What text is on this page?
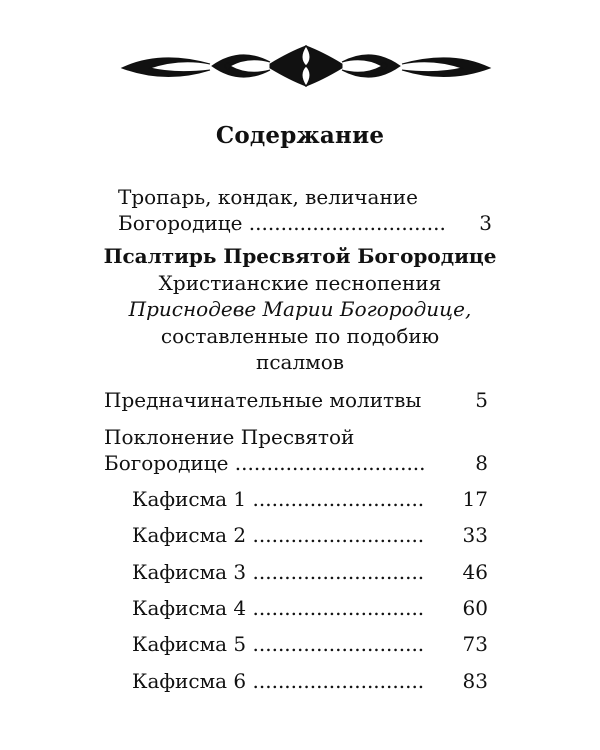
Содержание
Тропарь, кондак, величание
Богородице ...............................	3
Псалтирь Пресвятой Богородице
Христианские песнопения
Приснодеве Марии Богородице,
составленные по подобию
псалмов
Предначинательные молитвы	5
Поклонение Пресвятой
Богородице ..............................	8
Кафисма 1 ...........................	17
Кафисма 2 ...........................	33
Кафисма 3 ...........................	46
Кафисма 4 ...........................	60
Кафисма 5 ...........................	73
Кафисма 6 ...........................	83
